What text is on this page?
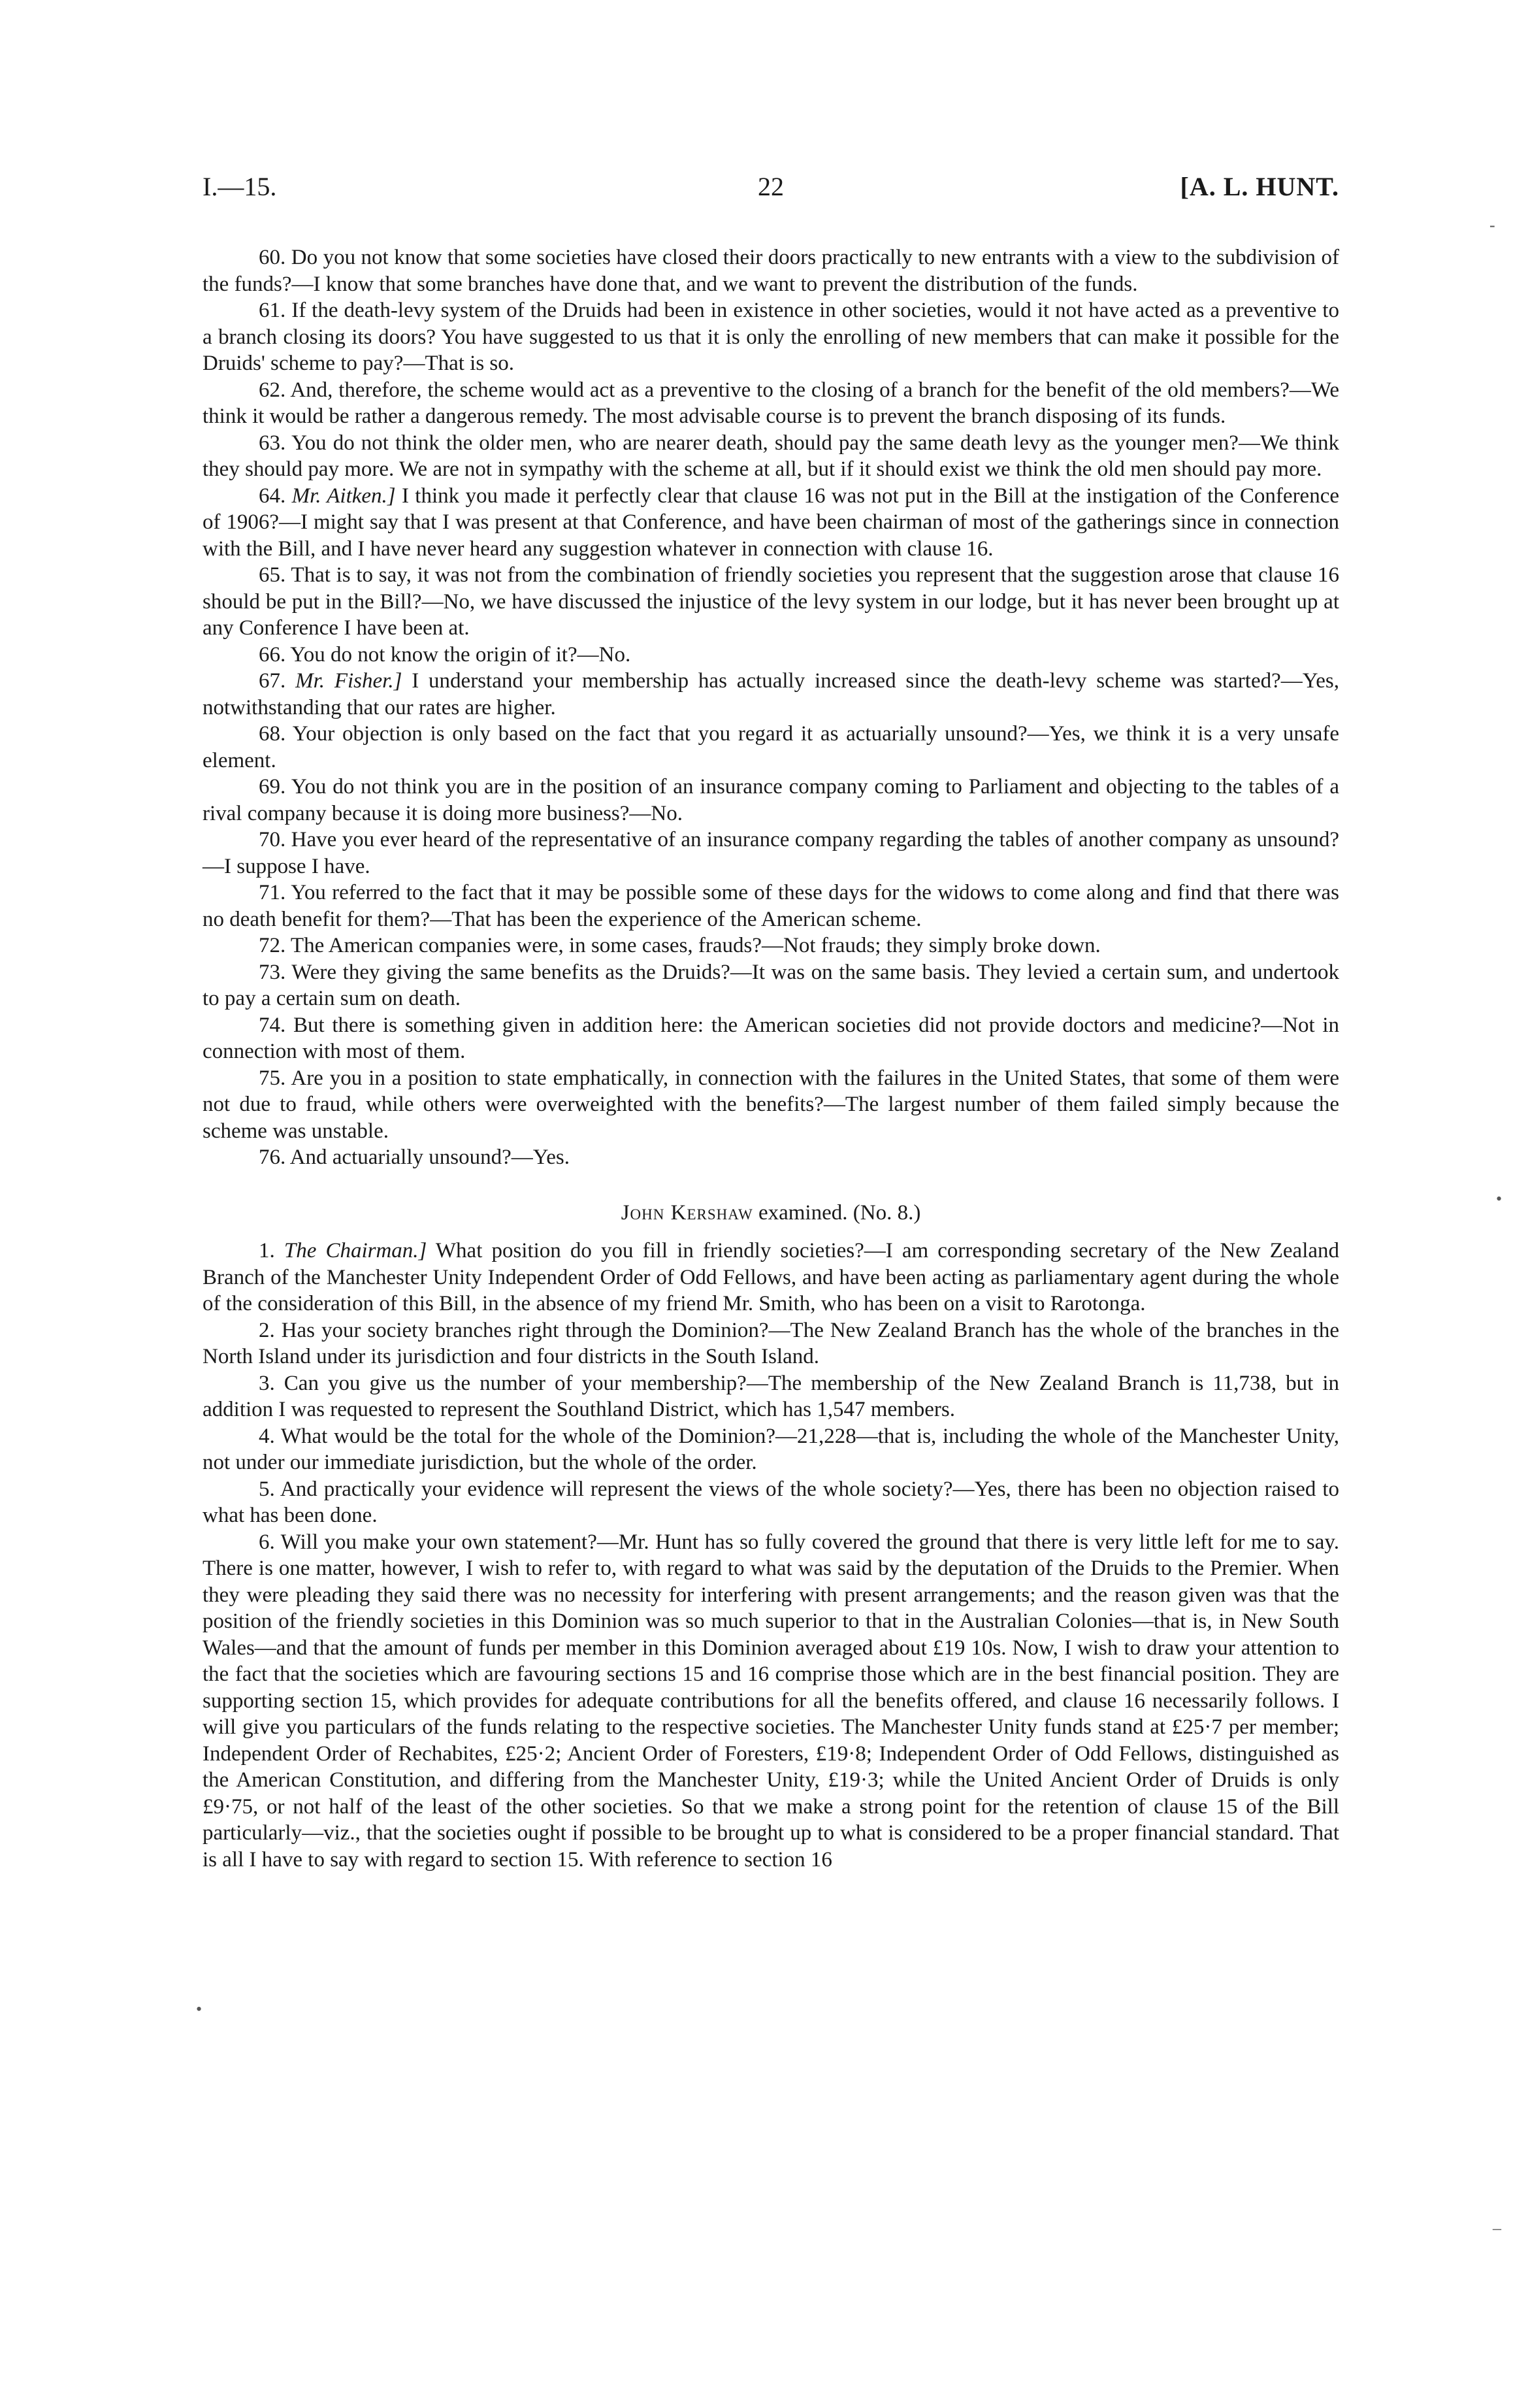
I.—15.	22	[A. L. HUNT.

60. Do you not know that some societies have closed their doors practically to new entrants with a view to the subdivision of the funds?—I know that some branches have done that, and we want to prevent the distribution of the funds.

61. If the death-levy system of the Druids had been in existence in other societies, would it not have acted as a preventive to a branch closing its doors? You have suggested to us that it is only the enrolling of new members that can make it possible for the Druids' scheme to pay?—That is so.

62. And, therefore, the scheme would act as a preventive to the closing of a branch for the benefit of the old members?—We think it would be rather a dangerous remedy. The most advisable course is to prevent the branch disposing of its funds.

63. You do not think the older men, who are nearer death, should pay the same death levy as the younger men?—We think they should pay more. We are not in sympathy with the scheme at all, but if it should exist we think the old men should pay more.

64. Mr. Aitken.] I think you made it perfectly clear that clause 16 was not put in the Bill at the instigation of the Conference of 1906?—I might say that I was present at that Conference, and have been chairman of most of the gatherings since in connection with the Bill, and I have never heard any suggestion whatever in connection with clause 16.

65. That is to say, it was not from the combination of friendly societies you represent that the suggestion arose that clause 16 should be put in the Bill?—No, we have discussed the injustice of the levy system in our lodge, but it has never been brought up at any Conference I have been at.

66. You do not know the origin of it?—No.

67. Mr. Fisher.] I understand your membership has actually increased since the death-levy scheme was started?—Yes, notwithstanding that our rates are higher.

68. Your objection is only based on the fact that you regard it as actuarially unsound?—Yes, we think it is a very unsafe element.

69. You do not think you are in the position of an insurance company coming to Parliament and objecting to the tables of a rival company because it is doing more business?—No.

70. Have you ever heard of the representative of an insurance company regarding the tables of another company as unsound?—I suppose I have.

71. You referred to the fact that it may be possible some of these days for the widows to come along and find that there was no death benefit for them?—That has been the experience of the American scheme.

72. The American companies were, in some cases, frauds?—Not frauds; they simply broke down.

73. Were they giving the same benefits as the Druids?—It was on the same basis. They levied a certain sum, and undertook to pay a certain sum on death.

74. But there is something given in addition here: the American societies did not provide doctors and medicine?—Not in connection with most of them.

75. Are you in a position to state emphatically, in connection with the failures in the United States, that some of them were not due to fraud, while others were overweighted with the benefits?—The largest number of them failed simply because the scheme was unstable.

76. And actuarially unsound?—Yes.

John Kershaw examined. (No. 8.)

1. The Chairman.] What position do you fill in friendly societies?—I am corresponding secretary of the New Zealand Branch of the Manchester Unity Independent Order of Odd Fellows, and have been acting as parliamentary agent during the whole of the consideration of this Bill, in the absence of my friend Mr. Smith, who has been on a visit to Rarotonga.

2. Has your society branches right through the Dominion?—The New Zealand Branch has the whole of the branches in the North Island under its jurisdiction and four districts in the South Island.

3. Can you give us the number of your membership?—The membership of the New Zealand Branch is 11,738, but in addition I was requested to represent the Southland District, which has 1,547 members.

4. What would be the total for the whole of the Dominion?—21,228—that is, including the whole of the Manchester Unity, not under our immediate jurisdiction, but the whole of the order.

5. And practically your evidence will represent the views of the whole society?—Yes, there has been no objection raised to what has been done.

6. Will you make your own statement?—Mr. Hunt has so fully covered the ground that there is very little left for me to say. There is one matter, however, I wish to refer to, with regard to what was said by the deputation of the Druids to the Premier. When they were pleading they said there was no necessity for interfering with present arrangements; and the reason given was that the position of the friendly societies in this Dominion was so much superior to that in the Australian Colonies—that is, in New South Wales—and that the amount of funds per member in this Dominion averaged about £19 10s. Now, I wish to draw your attention to the fact that the societies which are favouring sections 15 and 16 comprise those which are in the best financial position. They are supporting section 15, which provides for adequate contributions for all the benefits offered, and clause 16 necessarily follows. I will give you particulars of the funds relating to the respective societies. The Manchester Unity funds stand at £25·7 per member; Independent Order of Rechabites, £25·2; Ancient Order of Foresters, £19·8; Independent Order of Odd Fellows, distinguished as the American Constitution, and differing from the Manchester Unity, £19·3; while the United Ancient Order of Druids is only £9·75, or not half of the least of the other societies. So that we make a strong point for the retention of clause 15 of the Bill particularly—viz., that the societies ought if possible to be brought up to what is considered to be a proper financial standard. That is all I have to say with regard to section 15. With reference to section 16

-
•
•
–
